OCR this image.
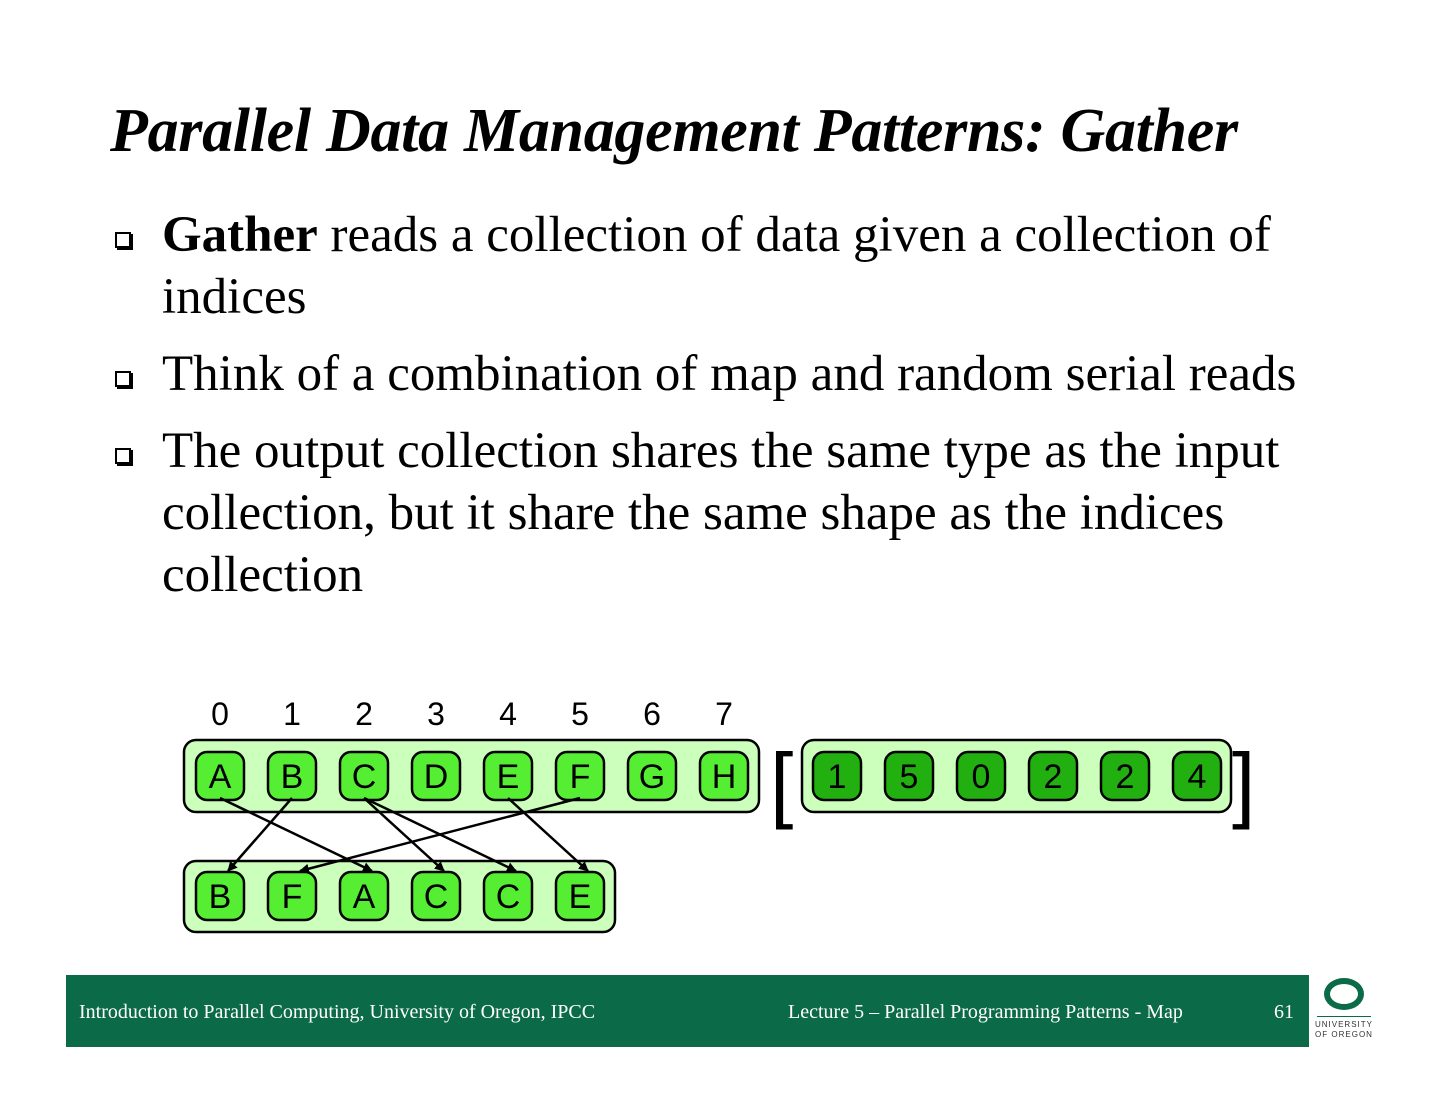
Parallel Data Management Patterns: Gather
Gather reads a collection of data given a collection of indices
Think of a combination of map and random serial reads
The output collection shares the same type as the input collection, but it share the same shape as the indices collection
0 1 2 3 4 5 6 7
A B C D E F G H	1 5 0 2 2 4
B F A C C E
[	]
Introduction to Parallel Computing, University of Oregon, IPCC	Lecture 5 – Parallel Programming Patterns - Map	61
UNIVERSITY
OF OREGON
